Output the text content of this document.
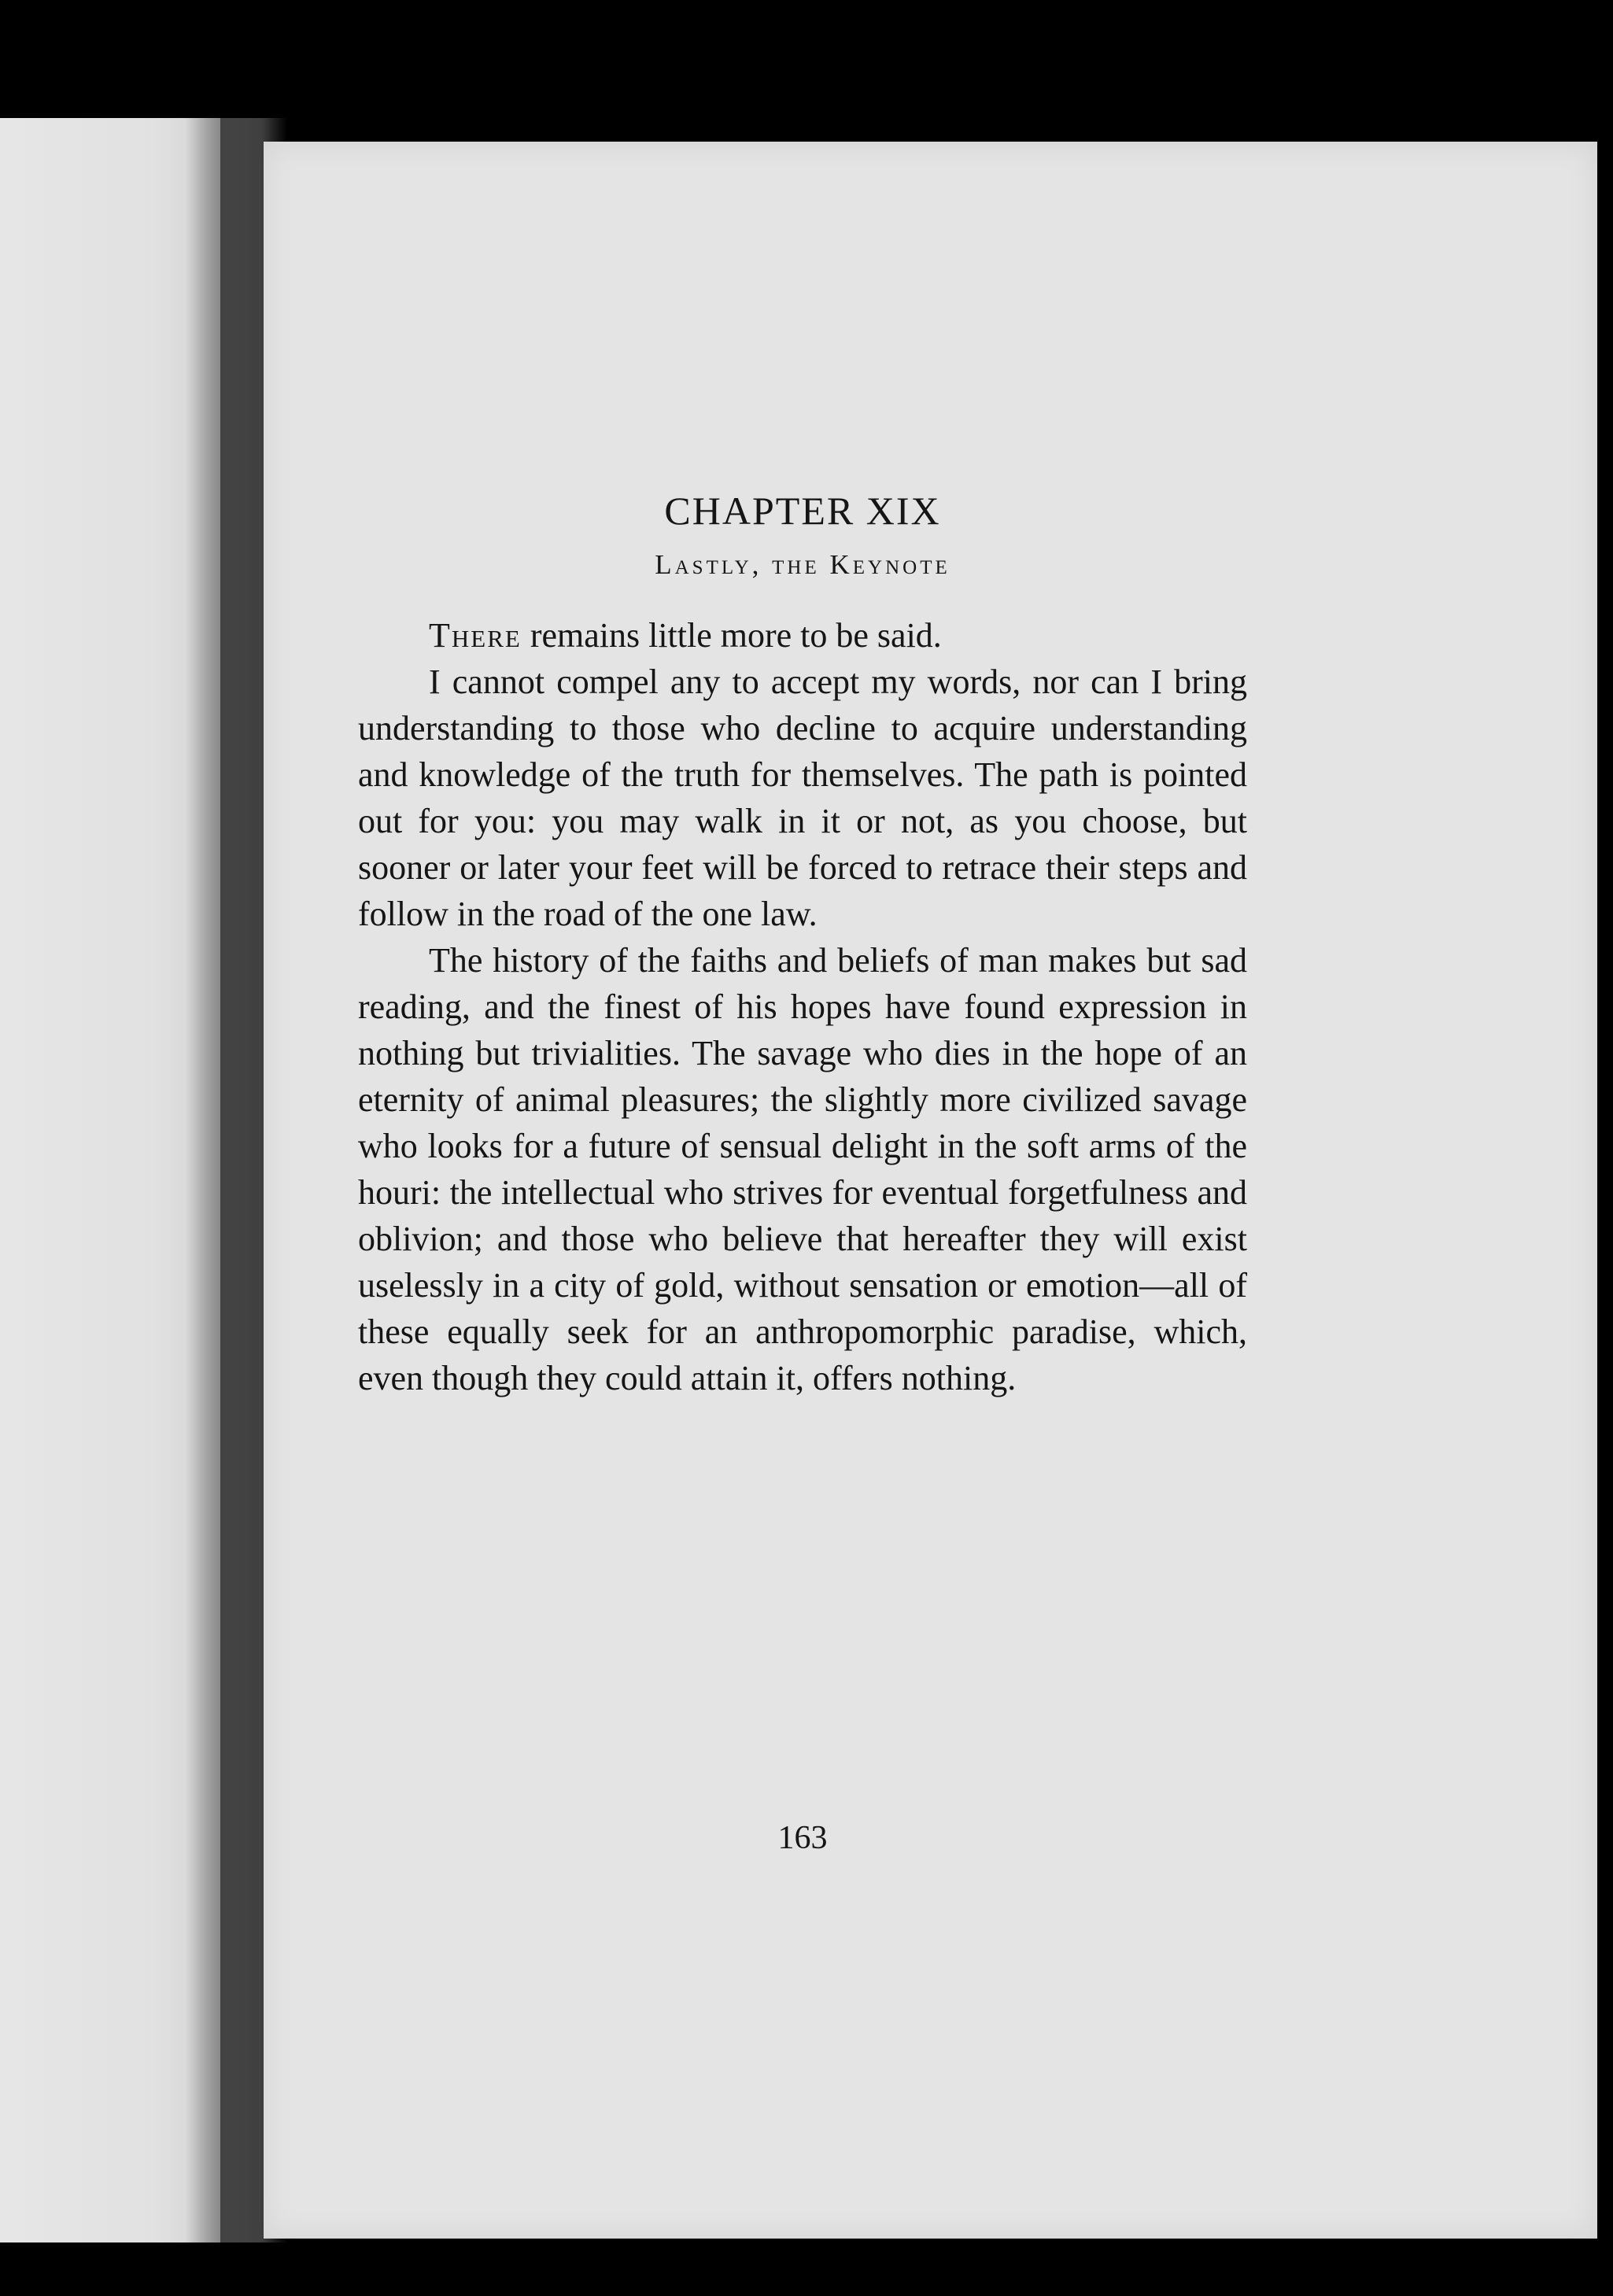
CHAPTER XIX
Lastly, the Keynote

There remains little more to be said.

I cannot compel any to accept my words, nor can I bring understanding to those who decline to acquire understanding and knowledge of the truth for themselves. The path is pointed out for you: you may walk in it or not, as you choose, but sooner or later your feet will be forced to retrace their steps and follow in the road of the one law.

The history of the faiths and beliefs of man makes but sad reading, and the finest of his hopes have found expression in nothing but trivialities. The savage who dies in the hope of an eternity of animal pleasures; the slightly more civilized savage who looks for a future of sensual delight in the soft arms of the houri: the intellectual who strives for eventual forgetfulness and oblivion; and those who believe that hereafter they will exist uselessly in a city of gold, without sensation or emotion—all of these equally seek for an anthropomorphic paradise, which, even though they could attain it, offers nothing.

163
